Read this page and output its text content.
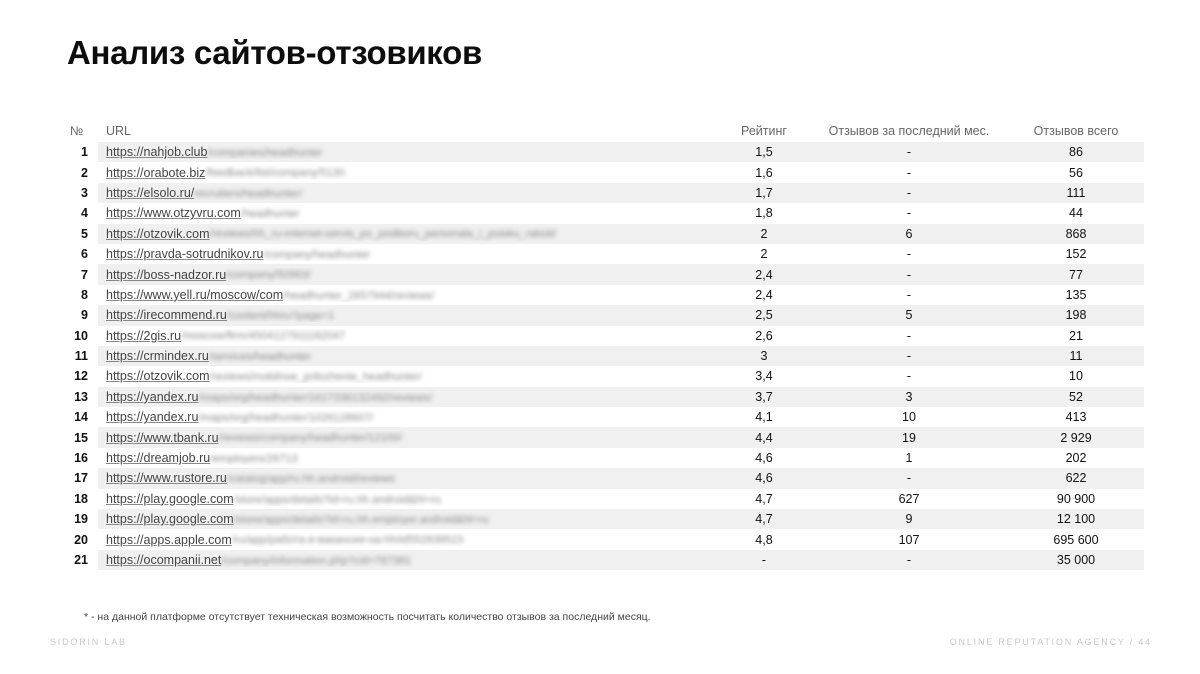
Анализ сайтов-отзовиков
№	URL	Рейтинг	Отзывов за последний мес.	Отзывов всего
1	https://nahjob.club/companies/headhunter	1,5	-	86
2	https://orabote.biz/feedback/list/company/5130	1,6	-	56
3	https://elsolo.ru/recruiters/headhunter/	1,7	-	111
4	https://www.otzyvru.com/headhunter	1,8	-	44
5	https://otzovik.com/reviews/hh_ru-internet-servis_po_podboru_personala_i_poisku_raboti/	2	6	868
6	https://pravda-sotrudnikov.ru/company/headhunter	2	-	152
7	https://boss-nadzor.ru/company/50963/	2,4	-	77
8	https://www.yell.ru/moscow/com/headhunter_2657944/reviews/	2,4	-	135
9	https://irecommend.ru/content/hhru?page=1	2,5	5	198
10	https://2gis.ru/moscow/firm/4504127911182047	2,6	-	21
11	https://crmindex.ru/services/headhunter	3	-	11
12	https://otzovik.com/reviews/mobilnoe_prilozhenie_headhunter/	3,4	-	10
13	https://yandex.ru/maps/org/headhunter/1617336132492/reviews/	3,7	3	52
14	https://yandex.ru/maps/org/headhunter/1026128607/	4,1	10	413
15	https://www.tbank.ru/reviews/company/headhunter/12100/	4,4	19	2 929
16	https://dreamjob.ru/employers/26713	4,6	1	202
17	https://www.rustore.ru/catalog/app/ru.hh.android/reviews	4,6	-	622
18	https://play.google.com/store/apps/details?id=ru.hh.android&hl=ru	4,7	627	90 900
19	https://play.google.com/store/apps/details?id=ru.hh.employer.android&hl=ru	4,7	9	12 100
20	https://apps.apple.com/ru/app/работа-и-вакансии-на-hh/id552838523	4,8	107	695 600
21	https://ocompanii.net/company/information.php?cid=787381	-	-	35 000
* - на данной платформе отсутствует техническая возможность посчитать количество отзывов за последний месяц.
SIDORIN LAB	ONLINE REPUTATION AGENCY / 44
